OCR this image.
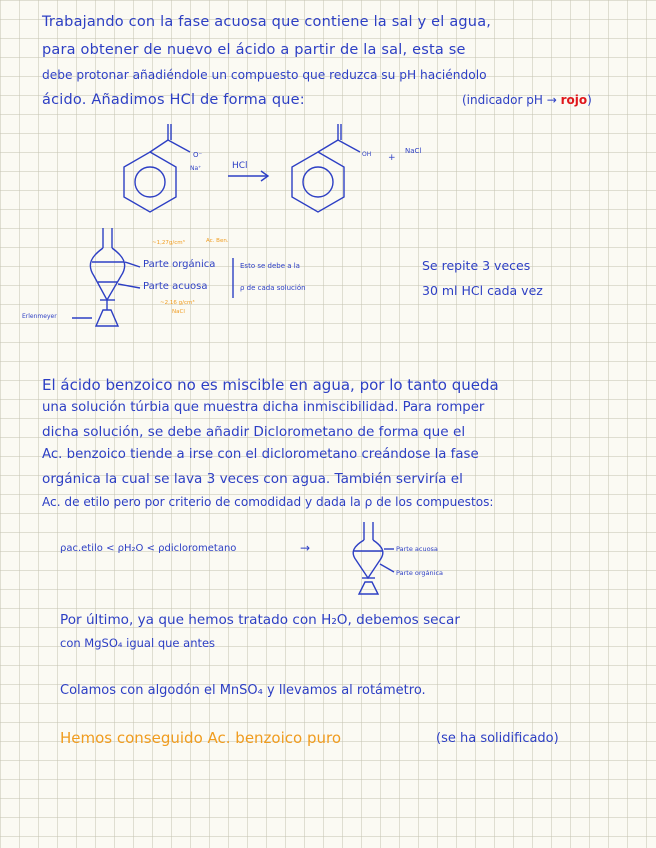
Trabajando con la fase acuosa que contiene la sal y el agua,
para obtener de nuevo el ácido a partir de la sal, esta se
debe protonar añadiéndole un compuesto que reduzca su pH haciéndolo
ácido. Añadimos HCl de forma que:	(indicador pH → rojo)
O⁻
Na⁺	HCl
OH +
NaCl
~1,27g/cm³	Ac. Ben.
Parte orgánica
Parte acuosa
~2,16 g/cm³
NaCl
Erlenmeyer
Esto se debe a la
ρ de cada solución
Se repite 3 veces
30 ml HCl cada vez
El ácido benzoico no es miscible en agua, por lo tanto queda
una solución túrbia que muestra dicha inmiscibilidad. Para romper
dicha solución, se debe añadir Diclorometano de forma que el
Ac. benzoico tiende a irse con el diclorometano creándose la fase
orgánica la cual se lava 3 veces con agua. También serviría el
Ac. de etilo pero por criterio de comodidad y dada la ρ de los compuestos:
ρac.etilo < ρH₂O < ρdiclorometano	→	Parte acuosa
Parte orgánica
Por último, ya que hemos tratado con H₂O, debemos secar
con MgSO₄ igual que antes
Colamos con algodón el MnSO₄ y llevamos al rotámetro.
Hemos conseguido Ac. benzoico puro	(se ha solidificado)
